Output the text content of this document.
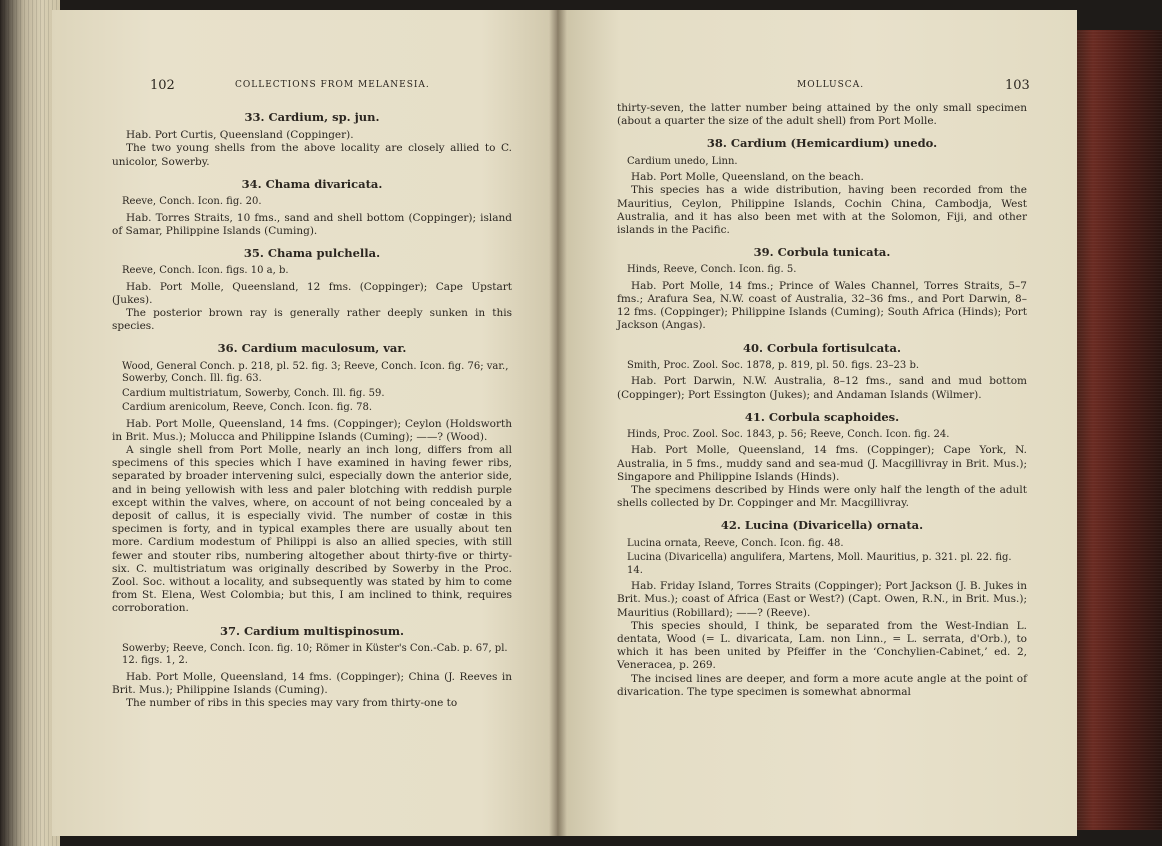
33. Cardium, sp. jun.

Hab. Port Curtis, Queensland (Coppinger).

The two young shells from the above locality are closely allied to C. unicolor, Sowerby.

34. Chama divaricata.
Reeve, Conch. Icon. fig. 20.

Hab. Torres Straits, 10 fms., sand and shell bottom (Coppinger); island of Samar, Philippine Islands (Cuming).

35. Chama pulchella.
Reeve, Conch. Icon. figs. 10 a, b.

Hab. Port Molle, Queensland, 12 fms. (Coppinger); Cape Upstart (Jukes).

The posterior brown ray is generally rather deeply sunken in this species.

36. Cardium maculosum, var.
Wood, General Conch. p. 218, pl. 52. fig. 3; Reeve, Conch. Icon. fig. 76; var., Sowerby, Conch. Ill. fig. 63.
Cardium multistriatum, Sowerby, Conch. Ill. fig. 59.
Cardium arenicolum, Reeve, Conch. Icon. fig. 78.

Hab. Port Molle, Queensland, 14 fms. (Coppinger); Ceylon (Holdsworth in Brit. Mus.); Molucca and Philippine Islands (Cuming); ——? (Wood).

A single shell from Port Molle, nearly an inch long, differs from all specimens of this species which I have examined in having fewer ribs, separated by broader intervening sulci, especially down the anterior side, and in being yellowish with less and paler blotching with reddish purple except within the valves, where, on account of not being concealed by a deposit of callus, it is especially vivid. The number of costæ in this specimen is forty, and in typical examples there are usually about ten more. Cardium modestum of Philippi is also an allied species, with still fewer and stouter ribs, numbering altogether about thirty-five or thirty-six. C. multistriatum was originally described by Sowerby in the Proc. Zool. Soc. without a locality, and subsequently was stated by him to come from St. Elena, West Colombia; but this, I am inclined to think, requires corroboration.

37. Cardium multispinosum.
Sowerby; Reeve, Conch. Icon. fig. 10; Römer in Küster's Con.-Cab. p. 67, pl. 12. figs. 1, 2.

Hab. Port Molle, Queensland, 14 fms. (Coppinger); China (J. Reeves in Brit. Mus.); Philippine Islands (Cuming).

The number of ribs in this species may vary from thirty-one to

thirty-seven, the latter number being attained by the only small specimen (about a quarter the size of the adult shell) from Port Molle.

38. Cardium (Hemicardium) unedo.
Cardium unedo, Linn.

Hab. Port Molle, Queensland, on the beach.

This species has a wide distribution, having been recorded from the Mauritius, Ceylon, Philippine Islands, Cochin China, Cambodja, West Australia, and it has also been met with at the Solomon, Fiji, and other islands in the Pacific.

39. Corbula tunicata.
Hinds, Reeve, Conch. Icon. fig. 5.

Hab. Port Molle, 14 fms.; Prince of Wales Channel, Torres Straits, 5–7 fms.; Arafura Sea, N.W. coast of Australia, 32–36 fms., and Port Darwin, 8–12 fms. (Coppinger); Philippine Islands (Cuming); South Africa (Hinds); Port Jackson (Angas).

40. Corbula fortisulcata.
Smith, Proc. Zool. Soc. 1878, p. 819, pl. 50. figs. 23–23 b.

Hab. Port Darwin, N.W. Australia, 8–12 fms., sand and mud bottom (Coppinger); Port Essington (Jukes); and Andaman Islands (Wilmer).

41. Corbula scaphoides.
Hinds, Proc. Zool. Soc. 1843, p. 56; Reeve, Conch. Icon. fig. 24.

Hab. Port Molle, Queensland, 14 fms. (Coppinger); Cape York, N. Australia, in 5 fms., muddy sand and sea-mud (J. Macgillivray in Brit. Mus.); Singapore and Philippine Islands (Hinds).

The specimens described by Hinds were only half the length of the adult shells collected by Dr. Coppinger and Mr. Macgillivray.

42. Lucina (Divaricella) ornata.
Lucina ornata, Reeve, Conch. Icon. fig. 48.
Lucina (Divaricella) angulifera, Martens, Moll. Mauritius, p. 321. pl. 22. fig. 14.

Hab. Friday Island, Torres Straits (Coppinger); Port Jackson (J. B. Jukes in Brit. Mus.); coast of Africa (East or West?) (Capt. Owen, R.N., in Brit. Mus.); Mauritius (Robillard); ——? (Reeve).

This species should, I think, be separated from the West-Indian L. dentata, Wood (= L. divaricata, Lam. non Linn., = L. serrata, d'Orb.), to which it has been united by Pfeiffer in the ‘Conchylien-Cabinet,’ ed. 2, Veneracea, p. 269.

The incised lines are deeper, and form a more acute angle at the point of divarication. The type specimen is somewhat abnormal

102	COLLECTIONS FROM MELANESIA.	MOLLUSCA.	103
